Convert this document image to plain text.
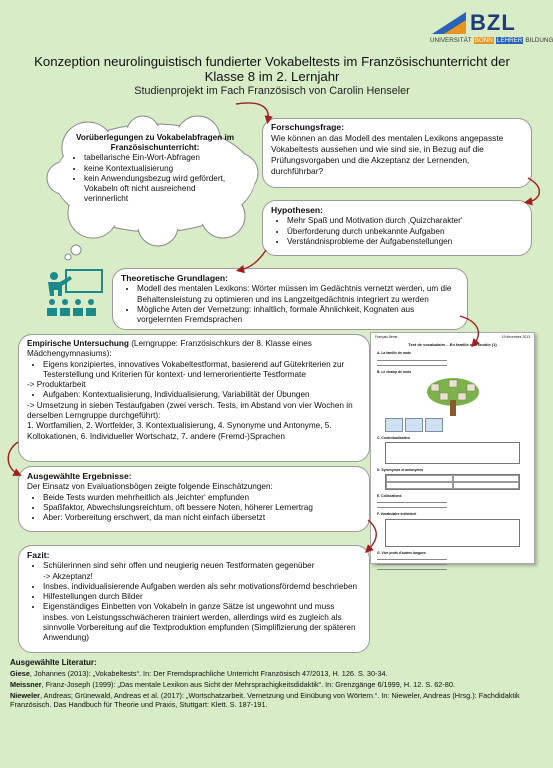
BZL
UNIVERSITÄT BONN LEHRER BILDUNG
Konzeption neurolinguistisch fundierter Vokabeltests im Französischunterricht der Klasse 8 im 2. Lernjahr
Studienprojekt im Fach Französisch von Carolin Henseler
Vorüberlegungen zu Vokabelabfragen im Französischunterricht:
• tabellarische Ein-Wort-Abfragen
• keine Kontextualisierung
• kein Anwendungsbezug wird gefördert, Vokabeln oft nicht ausreichend verinnerlicht
Forschungsfrage:
Wie können an das Modell des mentalen Lexikons angepasste Vokabeltests aussehen und wie sind sie, in Bezug auf die Prüfungsvorgaben und die Akzeptanz der Lernenden, durchführbar?
Hypothesen:
• Mehr Spaß und Motivation durch ‚Quizcharakter‘
• Überforderung durch unbekannte Aufgaben
• Verständnisprobleme der Aufgabenstellungen
Theoretische Grundlagen:
• Modell des mentalen Lexikons: Wörter müssen im Gedächtnis vernetzt werden, um die Behaltensleistung zu optimieren und ins Langzeitgedächtnis integriert zu werden
• Mögliche Arten der Vernetzung: inhaltlich, formale Ähnlichkeit, Kognaten aus vorgelernten Fremdsprachen
Empirische Untersuchung (Lerngruppe: Französischkurs der 8. Klasse eines Mädchengymnasiums):
• Eigens konzipiertes, innovatives Vokabeltestformat, basierend auf Gütekriterien zur Testerstellung und Kriterien für kontext- und lernerorientierte Testformate
-> Produktarbeit
• Aufgaben: Kontextualisierung, Individualisierung, Variabilität der Übungen
-> Umsetzung in sieben Testaufgaben (zwei versch. Tests, im Abstand von vier Wochen in derselben Lerngruppe durchgeführt):
1. Wortfamilien, 2. Wortfelder, 3. Kontextualisierung, 4. Synonyme und Antonyme, 5. Kollokationen, 6. Individueller Wortschatz, 7. andere (Fremd-)Sprachen
Français 8ème	19 décembre 2013
Test de vocabulaire – En famille à Grenoble (1)
A. La famille de mots
B. Le champ de mots
C. Contextualisation
D. Synonymes et antonymes
E. Collocations
F. Vocabulaire individuel
G. Vive profs d’autres langues
Ausgewählte Ergebnisse:
Der Einsatz von Evaluationsbögen zeigte folgende Einschätzungen:
• Beide Tests wurden mehrheitlich als ‚leichter‘ empfunden
• Spaßfaktor, Abwechslungsreichtum, oft bessere Noten, höherer Lernertrag
• Aber: Vorbereitung erschwert, da man nicht einfach übersetzt
Fazit:
• Schülerinnen sind sehr offen und neugierig neuen Testformaten gegenüber
-> Akzeptanz!
• Insbes. individualisierende Aufgaben werden als sehr motivationsfördernd beschrieben
• Hilfestellungen durch Bilder
• Eigenständiges Einbetten von Vokabeln in ganze Sätze ist ungewohnt und muss insbes. von Leistungsschwächeren trainiert werden, allerdings wird es zugleich als sinnvolle Vorbereitung auf die Textproduktion empfunden (Simplifizierung der späteren Anwendung)
Ausgewählte Literatur:

Giese, Johannes (2013): „Vokabeltests“. In: Der Fremdsprachliche Unterricht Französisch 47/2013, H. 126. S. 30-34.

Meissner, Franz-Joseph (1999): „Das mentale Lexikon aus Sicht der Mehrsprachigkeitsdidaktik“. In: Grenzgänge 6/1999, H. 12. S. 62-80.

Nieweler, Andreas; Grünewald, Andreas et al. (2017): „Wortschatzarbeit. Vernetzung und Einübung von Wörtern.“. In: Nieweler, Andreas (Hrsg.): Fachdidaktik Französisch. Das Handbuch für Theorie und Praxis, Stuttgart: Klett. S. 187-191.
